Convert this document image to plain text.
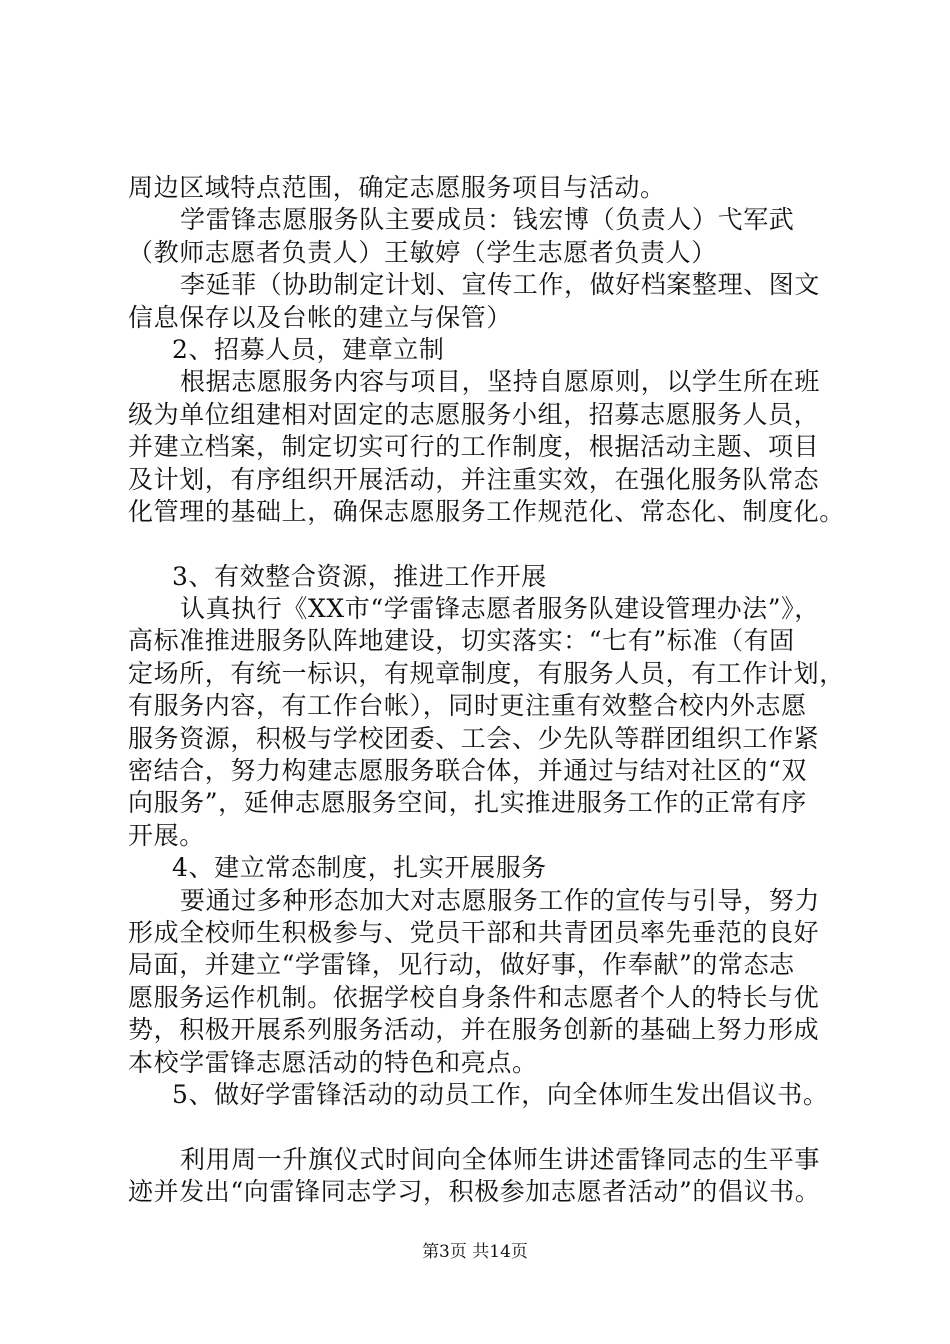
周边区域特点范围，确定志愿服务项目与活动。
学雷锋志愿服务队主要成员：钱宏博（负责人）弋军武
（教师志愿者负责人）王敏婷（学生志愿者负责人）
李延菲（协助制定计划、宣传工作，做好档案整理、图文
信息保存以及台帐的建立与保管）
2、招募人员，建章立制
根据志愿服务内容与项目，坚持自愿原则，以学生所在班
级为单位组建相对固定的志愿服务小组，招募志愿服务人员，
并建立档案，制定切实可行的工作制度，根据活动主题、项目
及计划，有序组织开展活动，并注重实效，在强化服务队常态
化管理的基础上，确保志愿服务工作规范化、常态化、制度化。
3、有效整合资源，推进工作开展
认真执行《XX市“学雷锋志愿者服务队建设管理办法”》，
高标准推进服务队阵地建设，切实落实：“七有”标准（有固
定场所，有统一标识，有规章制度，有服务人员，有工作计划，
有服务内容，有工作台帐），同时更注重有效整合校内外志愿
服务资源，积极与学校团委、工会、少先队等群团组织工作紧
密结合，努力构建志愿服务联合体，并通过与结对社区的“双
向服务”，延伸志愿服务空间，扎实推进服务工作的正常有序
开展。
4、建立常态制度，扎实开展服务
要通过多种形态加大对志愿服务工作的宣传与引导，努力
形成全校师生积极参与、党员干部和共青团员率先垂范的良好
局面，并建立“学雷锋，见行动，做好事，作奉献”的常态志
愿服务运作机制。依据学校自身条件和志愿者个人的特长与优
势，积极开展系列服务活动，并在服务创新的基础上努力形成
本校学雷锋志愿活动的特色和亮点。
5、做好学雷锋活动的动员工作，向全体师生发出倡议书。
利用周一升旗仪式时间向全体师生讲述雷锋同志的生平事
迹并发出“向雷锋同志学习，积极参加志愿者活动”的倡议书。
第3页 共14页
